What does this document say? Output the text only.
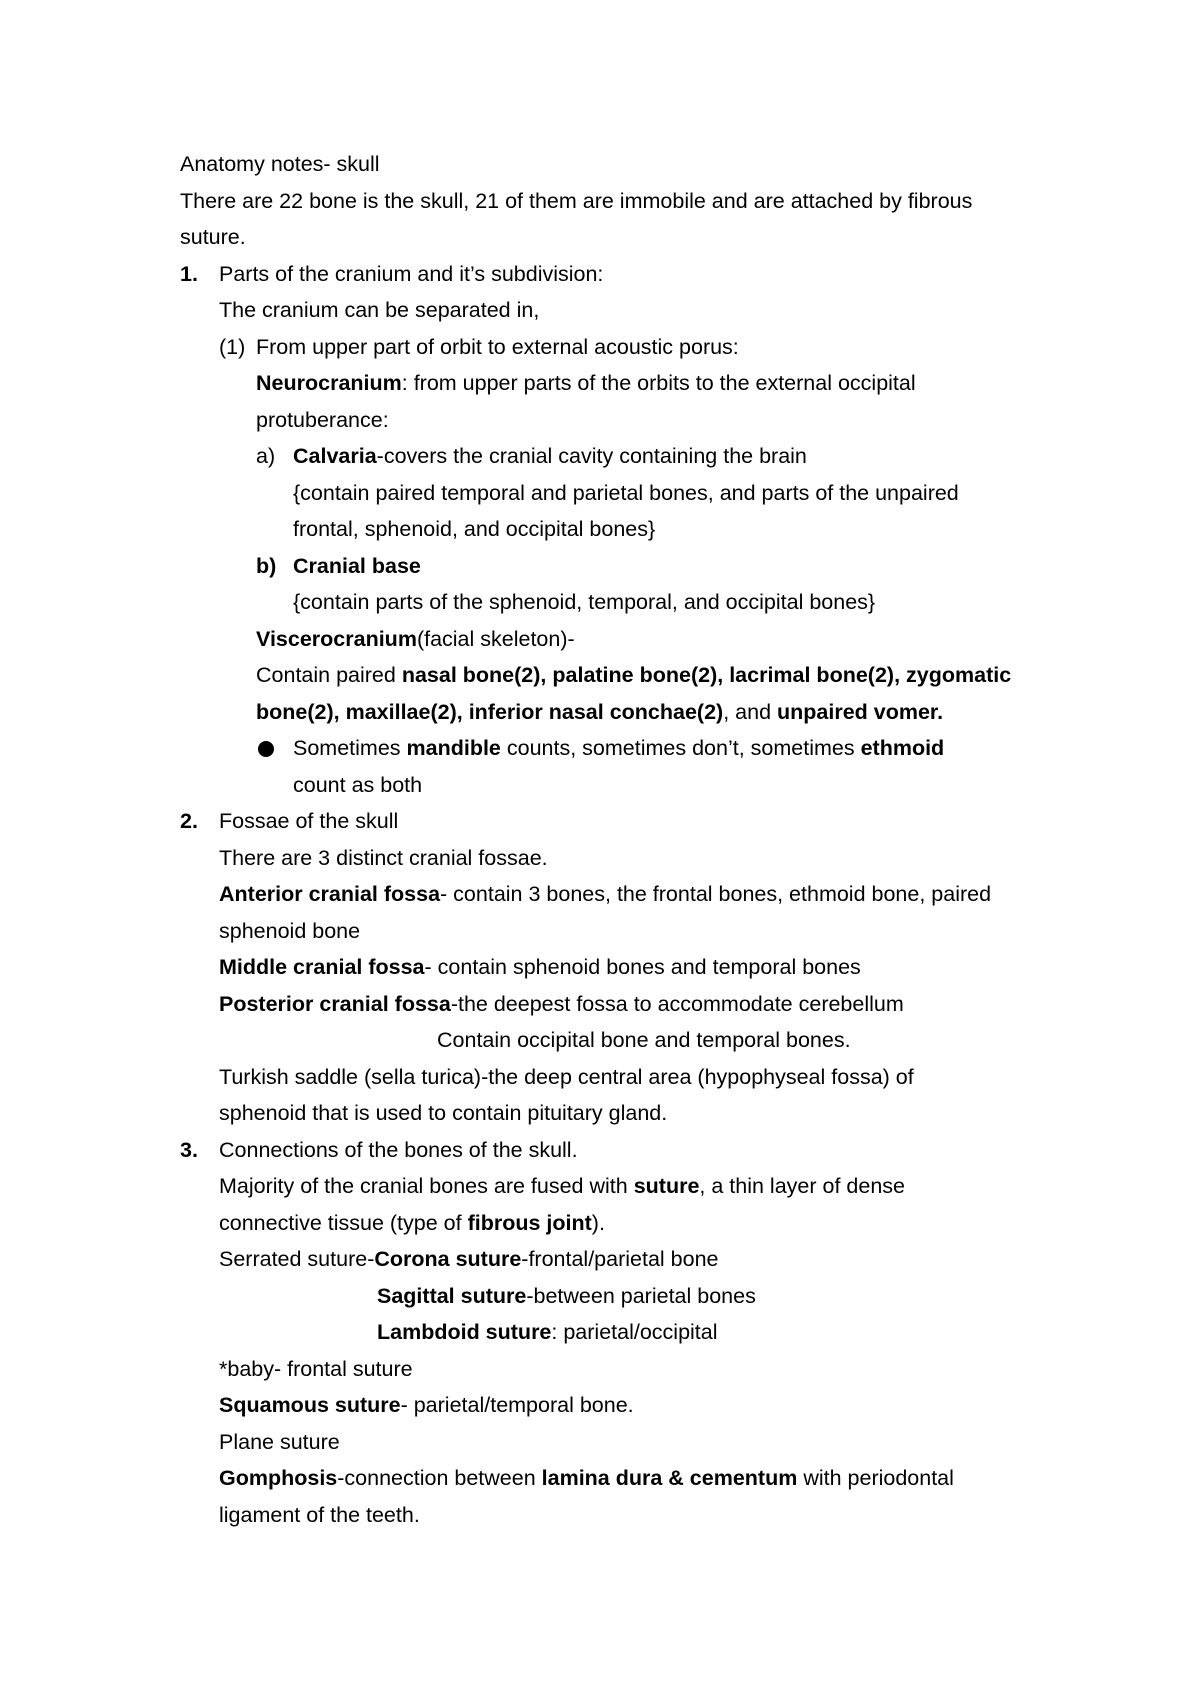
Anatomy notes- skull
There are 22 bone is the skull, 21 of them are immobile and are attached by fibrous
suture.
1. Parts of the cranium and it’s subdivision:
The cranium can be separated in,
(1) From upper part of orbit to external acoustic porus:
Neurocranium: from upper parts of the orbits to the external occipital
protuberance:
a) Calvaria-covers the cranial cavity containing the brain
{contain paired temporal and parietal bones, and parts of the unpaired
frontal, sphenoid, and occipital bones}
b) Cranial base
{contain parts of the sphenoid, temporal, and occipital bones}
Viscerocranium(facial skeleton)-
Contain paired nasal bone(2), palatine bone(2), lacrimal bone(2), zygomatic
bone(2), maxillae(2), inferior nasal conchae(2), and unpaired vomer.
Sometimes mandible counts, sometimes don’t, sometimes ethmoid
count as both
2. Fossae of the skull
There are 3 distinct cranial fossae.
Anterior cranial fossa- contain 3 bones, the frontal bones, ethmoid bone, paired
sphenoid bone
Middle cranial fossa- contain sphenoid bones and temporal bones
Posterior cranial fossa-the deepest fossa to accommodate cerebellum
Contain occipital bone and temporal bones.
Turkish saddle (sella turica)-the deep central area (hypophyseal fossa) of
sphenoid that is used to contain pituitary gland.
3. Connections of the bones of the skull.
Majority of the cranial bones are fused with suture, a thin layer of dense
connective tissue (type of fibrous joint).
Serrated suture-Corona suture-frontal/parietal bone
Sagittal suture-between parietal bones
Lambdoid suture: parietal/occipital
*baby- frontal suture
Squamous suture- parietal/temporal bone.
Plane suture
Gomphosis-connection between lamina dura & cementum with periodontal
ligament of the teeth.
